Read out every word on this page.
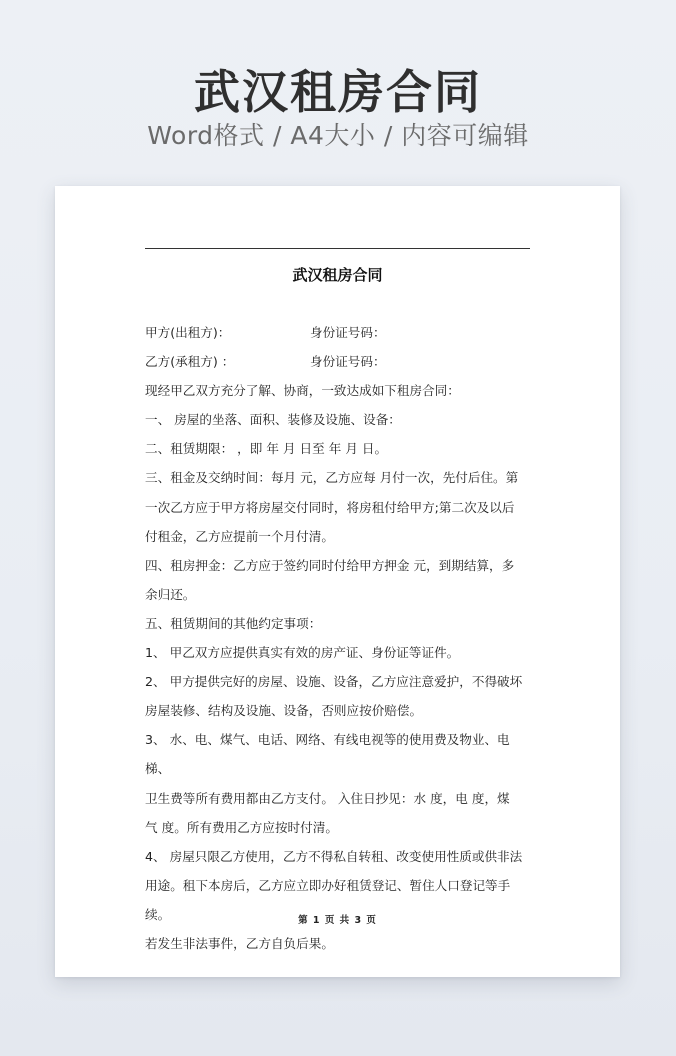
武汉租房合同
Word格式 / A4大小 / 内容可编辑
武汉租房合同
甲方(出租方)：	身份证号码：
乙方(承租方) ：	身份证号码：

现经甲乙双方充分了解、协商，一致达成如下租房合同：

一、 房屋的坐落、面积、装修及设施、设备：

二、租赁期限： ，即 年 月 日至 年 月 日。

三、租金及交纳时间：每月 元，乙方应每 月付一次，先付后住。第

一次乙方应于甲方将房屋交付同时，将房租付给甲方;第二次及以后

付租金，乙方应提前一个月付清。

四、租房押金：乙方应于签约同时付给甲方押金 元，到期结算，多

余归还。

五、租赁期间的其他约定事项：

1、 甲乙双方应提供真实有效的房产证、身份证等证件。

2、 甲方提供完好的房屋、设施、设备，乙方应注意爱护，不得破坏

房屋装修、结构及设施、设备，否则应按价赔偿。

3、 水、电、煤气、电话、网络、有线电视等的使用费及物业、电梯、

卫生费等所有费用都由乙方支付。 入住日抄见：水 度，电 度，煤

气 度。所有费用乙方应按时付清。

4、 房屋只限乙方使用，乙方不得私自转租、改变使用性质或供非法

用途。租下本房后，乙方应立即办好租赁登记、暂住人口登记等手续。

若发生非法事件，乙方自负后果。

第 1 页 共 3 页
